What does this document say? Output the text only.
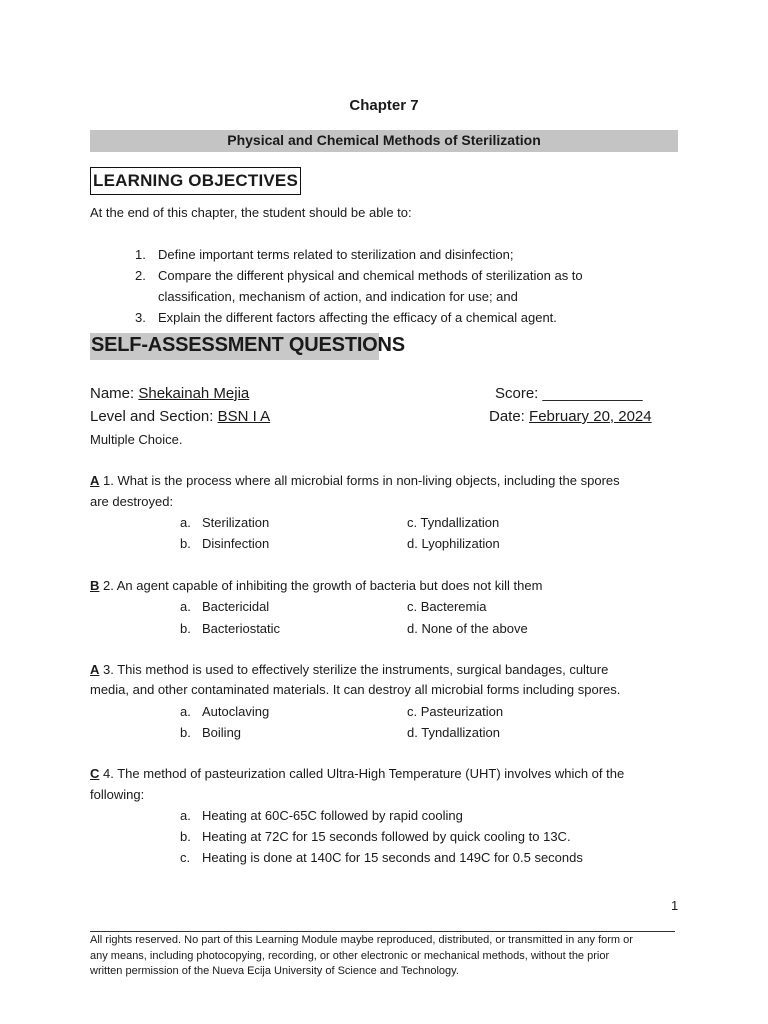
Chapter 7
Physical and Chemical Methods of Sterilization
LEARNING OBJECTIVES
At the end of this chapter, the student should be able to:
1. Define important terms related to sterilization and disinfection;
2. Compare the different physical and chemical methods of sterilization as to
classification, mechanism of action, and indication for use; and
3. Explain the different factors affecting the efficacy of a chemical agent.
SELF-ASSESSMENT QUESTIONS
Name: Shekainah Mejia	Score: ____________
Level and Section: BSN I A	Date: February 20, 2024
Multiple Choice.
A 1. What is the process where all microbial forms in non-living objects, including the spores
are destroyed:
a. Sterilization	c. Tyndallization
b. Disinfection	d. Lyophilization
B 2. An agent capable of inhibiting the growth of bacteria but does not kill them
a. Bactericidal	c. Bacteremia
b. Bacteriostatic	d. None of the above
A 3. This method is used to effectively sterilize the instruments, surgical bandages, culture
media, and other contaminated materials. It can destroy all microbial forms including spores.
a. Autoclaving	c. Pasteurization
b. Boiling	d. Tyndallization
C 4. The method of pasteurization called Ultra-High Temperature (UHT) involves which of the
following:
a. Heating at 60C-65C followed by rapid cooling
b. Heating at 72C for 15 seconds followed by quick cooling to 13C.
c. Heating is done at 140C for 15 seconds and 149C for 0.5 seconds
1
All rights reserved. No part of this Learning Module maybe reproduced, distributed, or transmitted in any form or
any means, including photocopying, recording, or other electronic or mechanical methods, without the prior
written permission of the Nueva Ecija University of Science and Technology.
